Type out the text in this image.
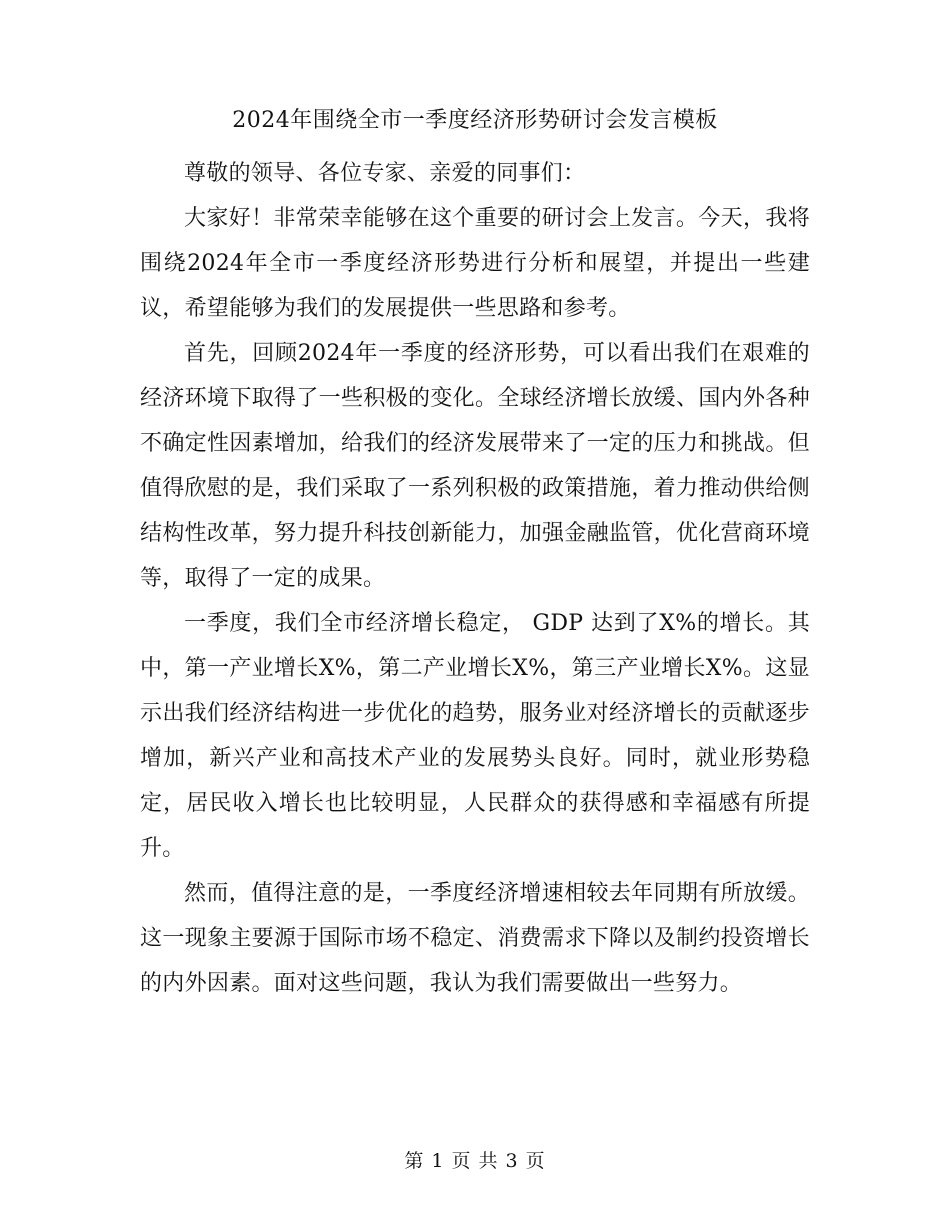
2024年围绕全市一季度经济形势研讨会发言模板

尊敬的领导、各位专家、亲爱的同事们：

大家好！非常荣幸能够在这个重要的研讨会上发言。今天，我将围绕2024年全市一季度经济形势进行分析和展望，并提出一些建议，希望能够为我们的发展提供一些思路和参考。

首先，回顾2024年一季度的经济形势，可以看出我们在艰难的经济环境下取得了一些积极的变化。全球经济增长放缓、国内外各种不确定性因素增加，给我们的经济发展带来了一定的压力和挑战。但值得欣慰的是，我们采取了一系列积极的政策措施，着力推动供给侧结构性改革，努力提升科技创新能力，加强金融监管，优化营商环境等，取得了一定的成果。

一季度，我们全市经济增长稳定， GDP 达到了X%的增长。其中，第一产业增长X%，第二产业增长X%，第三产业增长X%。这显示出我们经济结构进一步优化的趋势，服务业对经济增长的贡献逐步增加，新兴产业和高技术产业的发展势头良好。同时，就业形势稳定，居民收入增长也比较明显，人民群众的获得感和幸福感有所提升。

然而，值得注意的是，一季度经济增速相较去年同期有所放缓。这一现象主要源于国际市场不稳定、消费需求下降以及制约投资增长的内外因素。面对这些问题，我认为我们需要做出一些努力。

第 1 页 共 3 页
